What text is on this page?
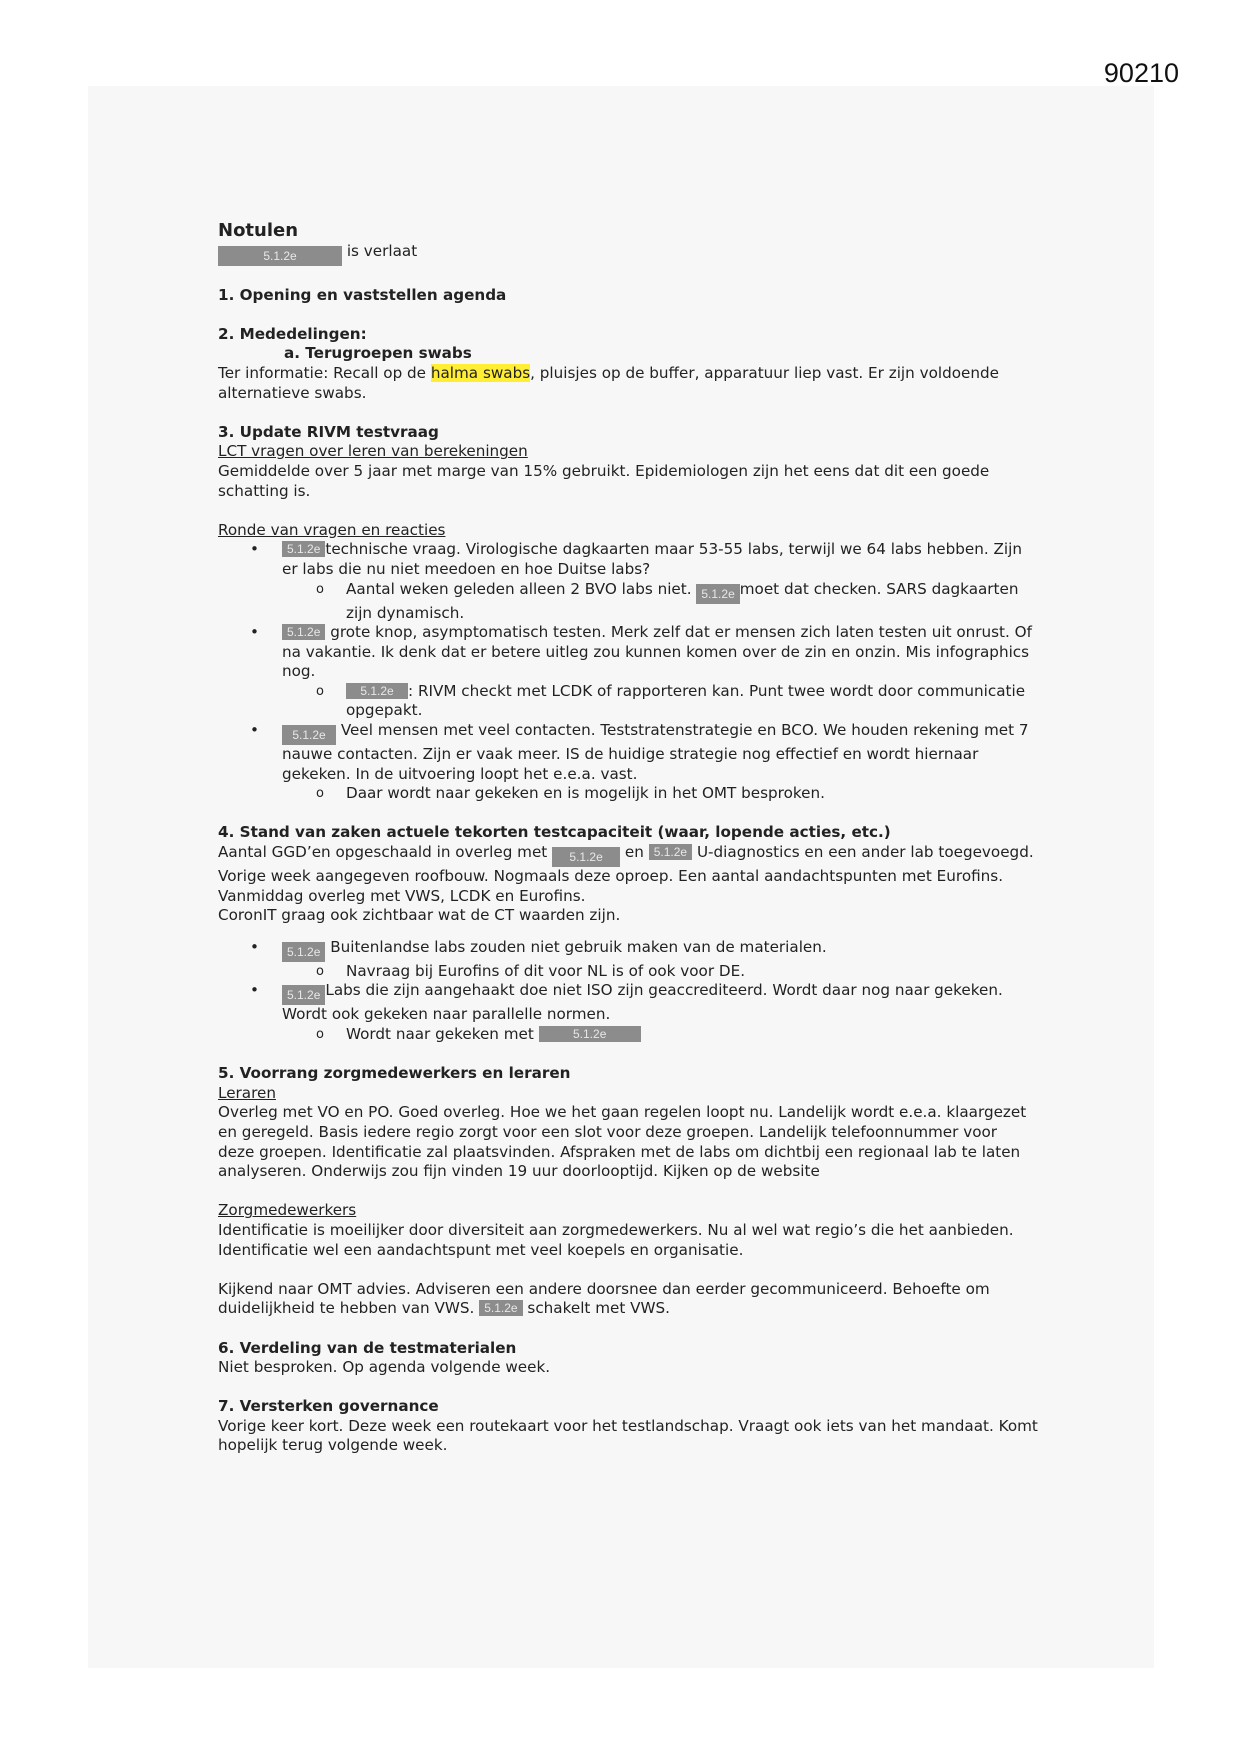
90210

Notulen

5.1.2e	is verlaat

1. Opening en vaststellen agenda

2. Mededelingen:

a. Terugroepen swabs

Ter informatie: Recall op de halma swabs, pluisjes op de buffer, apparatuur liep vast. Er zijn voldoende alternatieve swabs.

3. Update RIVM testvraag

LCT vragen over leren van berekeningen

Gemiddelde over 5 jaar met marge van 15% gebruikt. Epidemiologen zijn het eens dat dit een goede schatting is.

Ronde van vragen en reacties

• 5.1.2e technische vraag. Virologische dagkaarten maar 53-55 labs, terwijl we 64 labs hebben. Zijn er labs die nu niet meedoen en hoe Duitse labs?
o Aantal weken geleden alleen 2 BVO labs niet. 5.1.2e moet dat checken. SARS dagkaarten zijn dynamisch.
• 5.1.2e grote knop, asymptomatisch testen. Merk zelf dat er mensen zich laten testen uit onrust. Of na vakantie. Ik denk dat er betere uitleg zou kunnen komen over de zin en onzin. Mis infographics nog.
o 5.1.2e : RIVM checkt met LCDK of rapporteren kan. Punt twee wordt door communicatie opgepakt.
• 5.1.2e Veel mensen met veel contacten. Teststratenstrategie en BCO. We houden rekening met 7 nauwe contacten. Zijn er vaak meer. IS de huidige strategie nog effectief en wordt hiernaar gekeken. In de uitvoering loopt het e.e.a. vast.
o Daar wordt naar gekeken en is mogelijk in het OMT besproken.

4. Stand van zaken actuele tekorten testcapaciteit (waar, lopende acties, etc.)

Aantal GGD’en opgeschaald in overleg met 5.1.2e en 5.1.2e U-diagnostics en een ander lab toegevoegd. Vorige week aangegeven roofbouw. Nogmaals deze oproep. Een aantal aandachtspunten met Eurofins. Vanmiddag overleg met VWS, LCDK en Eurofins.

CoronIT graag ook zichtbaar wat de CT waarden zijn.

• 5.1.2e Buitenlandse labs zouden niet gebruik maken van de materialen.
o Navraag bij Eurofins of dit voor NL is of ook voor DE.
• 5.1.2e Labs die zijn aangehaakt doe niet ISO zijn geaccrediteerd. Wordt daar nog naar gekeken. Wordt ook gekeken naar parallelle normen.
o Wordt naar gekeken met	5.1.2e

5. Voorrang zorgmedewerkers en leraren

Leraren

Overleg met VO en PO. Goed overleg. Hoe we het gaan regelen loopt nu. Landelijk wordt e.e.a. klaargezet en geregeld. Basis iedere regio zorgt voor een slot voor deze groepen. Landelijk telefoonnummer voor deze groepen. Identificatie zal plaatsvinden. Afspraken met de labs om dichtbij een regionaal lab te laten analyseren. Onderwijs zou fijn vinden 19 uur doorlooptijd. Kijken op de website

Zorgmedewerkers

Identificatie is moeilijker door diversiteit aan zorgmedewerkers. Nu al wel wat regio’s die het aanbieden. Identificatie wel een aandachtspunt met veel koepels en organisatie.

Kijkend naar OMT advies. Adviseren een andere doorsnee dan eerder gecommuniceerd. Behoefte om duidelijkheid te hebben van VWS. 5.1.2e schakelt met VWS.

6. Verdeling van de testmaterialen

Niet besproken. Op agenda volgende week.

7. Versterken governance

Vorige keer kort. Deze week een routekaart voor het testlandschap. Vraagt ook iets van het mandaat. Komt hopelijk terug volgende week.
